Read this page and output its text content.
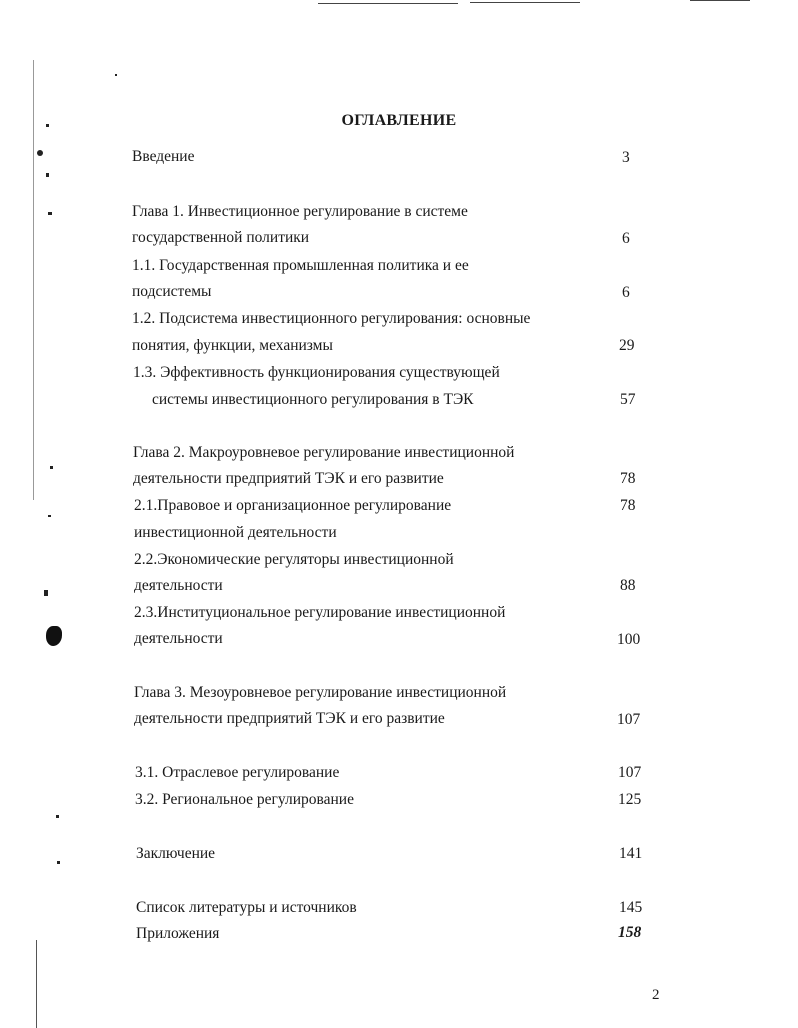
ОГЛАВЛЕНИЕ
Введение	3
Глава 1. Инвестиционное регулирование в системе
государственной политики	6
1.1. Государственная промышленная политика и ее
подсистемы	6
1.2. Подсистема инвестиционного регулирования: основные
понятия, функции, механизмы	29
1.3. Эффективность функционирования существующей
системы инвестиционного регулирования в ТЭК	57
Глава 2. Макроуровневое регулирование инвестиционной
деятельности предприятий ТЭК и его развитие	78
2.1.Правовое и организационное регулирование	78
инвестиционной деятельности
2.2.Экономические регуляторы инвестиционной
деятельности	88
2.3.Институциональное регулирование инвестиционной
деятельности	100
Глава 3. Мезоуровневое регулирование инвестиционной
деятельности предприятий ТЭК и его развитие	107
3.1. Отраслевое регулирование	107
3.2. Региональное регулирование	125
Заключение	141
Список литературы и источников	145
Приложения	158
2
